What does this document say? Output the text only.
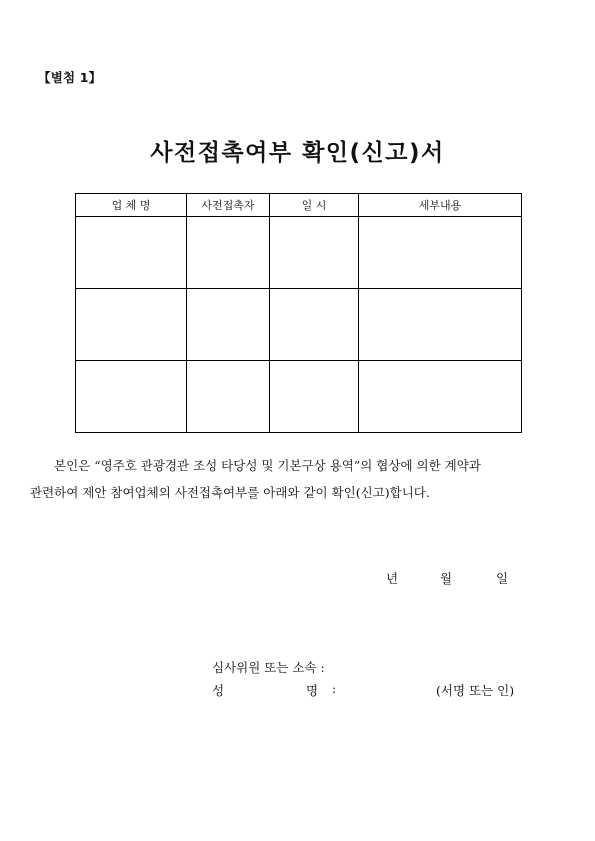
【별첨 1】
사전접촉여부 확인(신고)서
업 체 명	사전접촉자	일 시	세부내용

본인은 “영주호 관광경관 조성 타당성 및 기본구상 용역”의 협상에 의한 계약과
관련하여 제안 참여업체의 사전접촉여부를 아래와 같이 확인(신고)합니다.
년	월	일
심사위원 또는 소속 :
성	명 :	(서명 또는 인)
